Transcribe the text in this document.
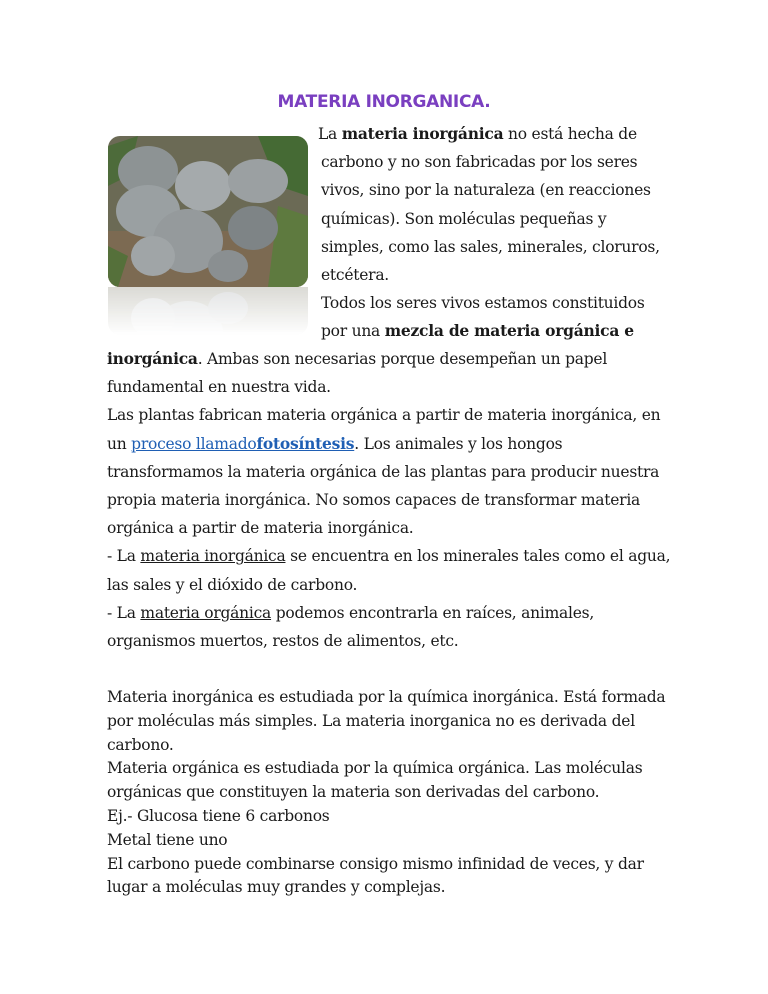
MATERIA INORGANICA.
La materia inorgánica no está hecha de
carbono y no son fabricadas por los seres
vivos, sino por la naturaleza (en reacciones
químicas). Son moléculas pequeñas y
simples, como las sales, minerales, cloruros,
etcétera.
Todos los seres vivos estamos constituidos
por una mezcla de materia orgánica e
inorgánica. Ambas son necesarias porque desempeñan un papel
fundamental en nuestra vida.
Las plantas fabrican materia orgánica a partir de materia inorgánica, en
un proceso llamadofotosíntesis. Los animales y los hongos
transformamos la materia orgánica de las plantas para producir nuestra
propia materia inorgánica. No somos capaces de transformar materia
orgánica a partir de materia inorgánica.
- La materia inorgánica se encuentra en los minerales tales como el agua,
las sales y el dióxido de carbono.
- La materia orgánica podemos encontrarla en raíces, animales,
organismos muertos, restos de alimentos, etc.
Materia inorgánica es estudiada por la química inorgánica. Está formada
por moléculas más simples. La materia inorganica no es derivada del
carbono.
Materia orgánica es estudiada por la química orgánica. Las moléculas
orgánicas que constituyen la materia son derivadas del carbono.
Ej.- Glucosa tiene 6 carbonos
Metal tiene uno
El carbono puede combinarse consigo mismo infinidad de veces, y dar
lugar a moléculas muy grandes y complejas.
